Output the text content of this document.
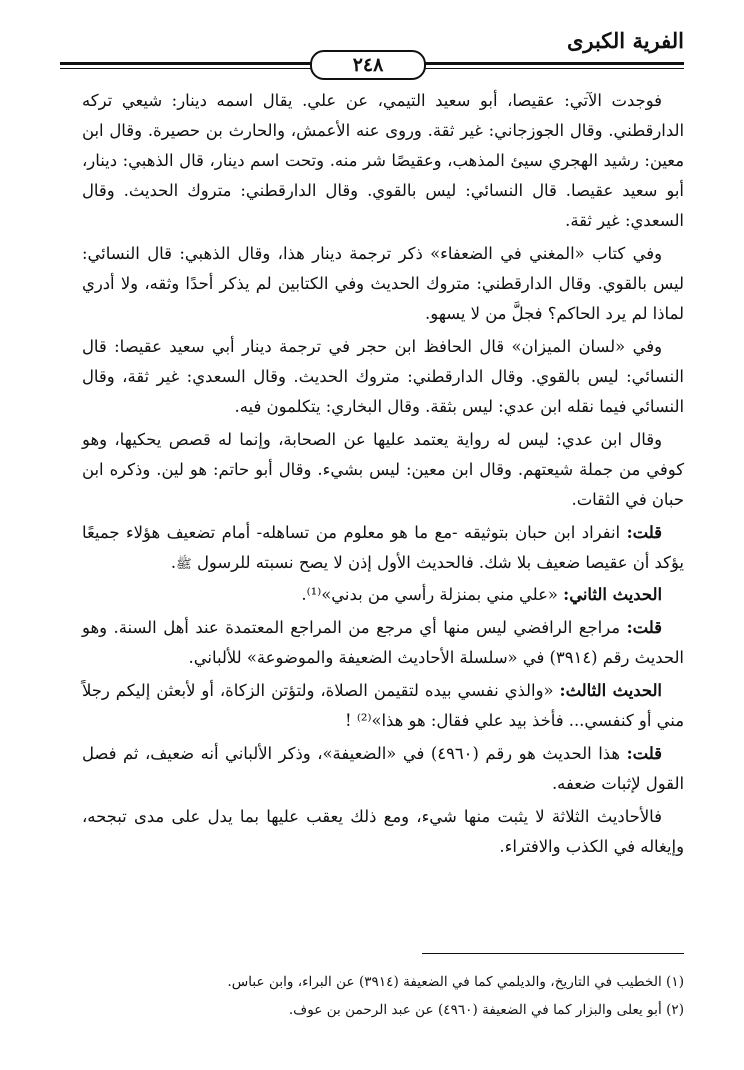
الفرية الكبرى
٢٤٨

فوجدت الآتي: عقيصا، أبو سعيد التيمي، عن علي. يقال اسمه دينار: شيعي تركه الدارقطني. وقال الجوزجاني: غير ثقة. وروى عنه الأعمش، والحارث بن حصيرة. وقال ابن معين: رشيد الهجري سيئ المذهب، وعقيصًا شر منه. وتحت اسم دينار، قال الذهبي: دينار، أبو سعيد عقيصا. قال النسائي: ليس بالقوي. وقال الدارقطني: متروك الحديث. وقال السعدي: غير ثقة.

وفي كتاب «المغني في الضعفاء» ذكر ترجمة دينار هذا، وقال الذهبي: قال النسائي: ليس بالقوي. وقال الدارقطني: متروك الحديث وفي الكتابين لم يذكر أحدًا وثقه، ولا أدري لماذا لم يرد الحاكم؟ فجلَّ من لا يسهو.

وفي «لسان الميزان» قال الحافظ ابن حجر في ترجمة دينار أبي سعيد عقيصا: قال النسائي: ليس بالقوي. وقال الدارقطني: متروك الحديث. وقال السعدي: غير ثقة، وقال النسائي فيما نقله ابن عدي: ليس بثقة. وقال البخاري: يتكلمون فيه.

وقال ابن عدي: ليس له رواية يعتمد عليها عن الصحابة، وإنما له قصص يحكيها، وهو كوفي من جملة شيعتهم. وقال ابن معين: ليس بشيء. وقال أبو حاتم: هو لين. وذكره ابن حبان في الثقات.

قلت: انفراد ابن حبان بتوثيقه -مع ما هو معلوم من تساهله- أمام تضعيف هؤلاء جميعًا يؤكد أن عقيصا ضعيف بلا شك. فالحديث الأول إذن لا يصح نسبته للرسول ﷺ.

الحديث الثاني: «علي مني بمنزلة رأسي من بدني»⁽¹⁾.

قلت: مراجع الرافضي ليس منها أي مرجع من المراجع المعتمدة عند أهل السنة. وهو الحديث رقم (٣٩١٤) في «سلسلة الأحاديث الضعيفة والموضوعة» للألباني.

الحديث الثالث: «والذي نفسي بيده لتقيمن الصلاة، ولتؤتن الزكاة، أو لأبعثن إليكم رجلاً مني أو كنفسي... فأخذ بيد علي فقال: هو هذا»⁽²⁾ !

قلت: هذا الحديث هو رقم (٤٩٦٠) في «الضعيفة»، وذكر الألباني أنه ضعيف، ثم فصل القول لإثبات ضعفه.

فالأحاديث الثلاثة لا يثبت منها شيء، ومع ذلك يعقب عليها بما يدل على مدى تبجحه، وإيغاله في الكذب والافتراء.

(١) الخطيب في التاريخ، والديلمي كما في الضعيفة (٣٩١٤) عن البراء، وابن عباس.

(٢) أبو يعلى والبزار كما في الضعيفة (٤٩٦٠) عن عبد الرحمن بن عوف.
